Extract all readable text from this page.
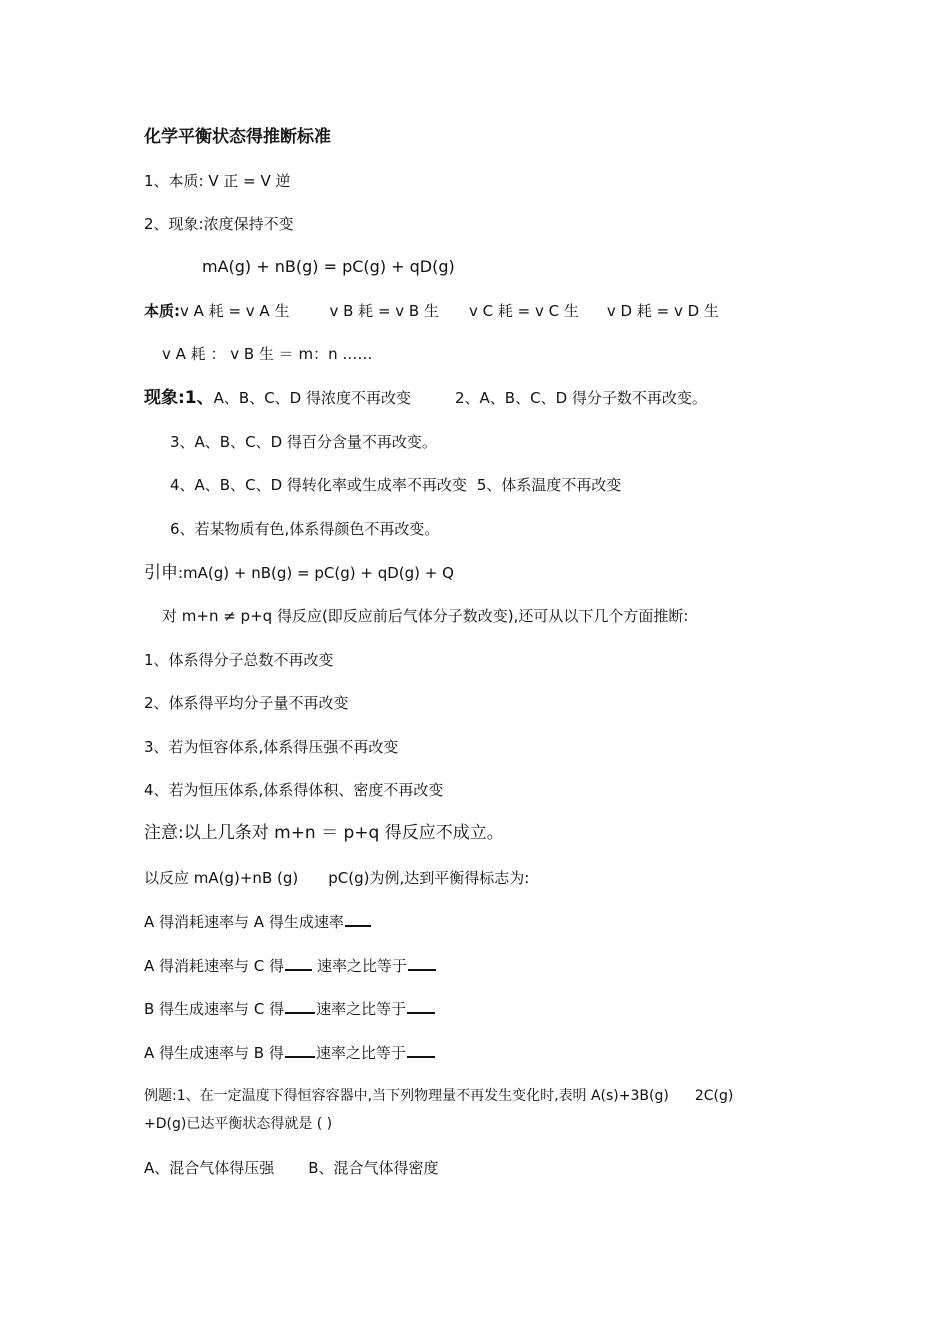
化学平衡状态得推断标准
1、本质: V 正 = V 逆
2、现象:浓度保持不变
mA(g) + nB(g) = pC(g) + qD(g)
本质:v A 耗 = v A 生	v B 耗 = v B 生 v C 耗 = v C 生 v D 耗 = v D 生
v A 耗 ： v B 生 ＝ m：n ……
现象:1、A、B、C、D 得浓度不再改变	2、A、B、C、D 得分子数不再改变。
3、A、B、C、D 得百分含量不再改变。
4、A、B、C、D 得转化率或生成率不再改变 5、体系温度不再改变
6、若某物质有色,体系得颜色不再改变。
引申:mA(g) + nB(g) = pC(g) + qD(g) + Q
对 m+n ≠ p+q 得反应(即反应前后气体分子数改变),还可从以下几个方面推断:
1、体系得分子总数不再改变
2、体系得平均分子量不再改变
3、若为恒容体系,体系得压强不再改变
4、若为恒压体系,体系得体积、密度不再改变
注意:以上几条对 m+n ＝ p+q 得反应不成立。
以反应 mA(g)+nB (g) pC(g)为例,达到平衡得标志为:
A 得消耗速率与 A 得生成速率
A 得消耗速率与 C 得 速率之比等于
B 得生成速率与 C 得 速率之比等于
A 得生成速率与 B 得 速率之比等于
例题:1、在一定温度下得恒容容器中,当下列物理量不再发生变化时,表明 A(s)+3B(g) 2C(g)
+D(g)已达平衡状态得就是 ( )
A、混合气体得压强 B、混合气体得密度
